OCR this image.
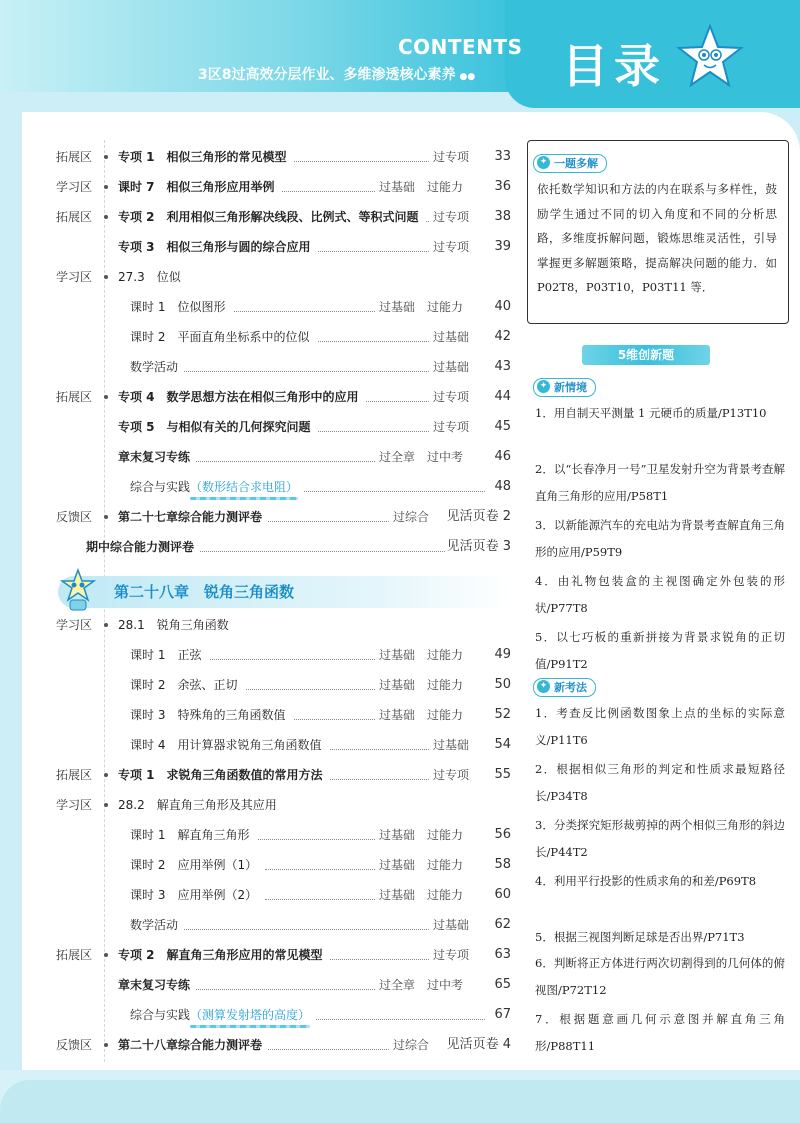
CONTENTS
3区8过高效分层作业、多维渗透核心素养 ●● 目录
拓展区	专项 1　相似三角形的常见模型	过专项 33
学习区	课时 7　相似三角形应用举例	过基础 过能力 36
拓展区	专项 2　利用相似三角形解决线段、比例式、等积式问题	过专项 38
专项 3　相似三角形与圆的综合应用	过专项 39
学习区	27.3　位似
课时 1　位似图形	过基础 过能力 40
课时 2　平面直角坐标系中的位似	过基础 42
数学活动	过基础 43
拓展区	专项 4　数学思想方法在相似三角形中的应用	过专项 44
专项 5　与相似有关的几何探究问题	过专项 45
章末复习专练	过全章 过中考 46
综合与实践（数形结合求电阻）	48
反馈区	第二十七章综合能力测评卷	过综合 见活页卷 2
期中综合能力测评卷	见活页卷 3
学习区	28.1　锐角三角函数
课时 1　正弦	过基础 过能力 49
课时 2　余弦、正切	过基础 过能力 50
课时 3　特殊角的三角函数值	过基础 过能力 52
课时 4　用计算器求锐角三角函数值	过基础 54
拓展区	专项 1　求锐角三角函数值的常用方法	过专项 55
学习区	28.2　解直角三角形及其应用
课时 1　解直角三角形	过基础 过能力 56
课时 2　应用举例（1）	过基础 过能力 58
课时 3　应用举例（2）	过基础 过能力 60
数学活动	过基础 62
拓展区	专项 2　解直角三角形应用的常见模型	过专项 63
章末复习专练	过全章 过中考 65
综合与实践（测算发射塔的高度）	67
反馈区	第二十八章综合能力测评卷	过综合 见活页卷 4
第二十八章　锐角三角函数
✦ 一题多解
依托数学知识和方法的内在联系与多样性，鼓励学生通过不同的切入角度和不同的分析思路，多维度拆解问题，锻炼思维灵活性，引导掌握更多解题策略，提高解决问题的能力．如 P02T8，P03T10，P03T11 等．
5维创新题
✦ 新情境
1．用自制天平测量 1 元硬币的质量/P13T10
2．以“长春净月一号”卫星发射升空为背景考查解直角三角形的应用/P58T1
3．以新能源汽车的充电站为背景考查解直角三角形的应用/P59T9
4．由礼物包装盒的主视图确定外包装的形状/P77T8
5．以七巧板的重新拼接为背景求锐角的正切值/P91T2
✦ 新考法
1．考查反比例函数图象上点的坐标的实际意义/P11T6
2．根据相似三角形的判定和性质求最短路径长/P34T8
3．分类探究矩形裁剪掉的两个相似三角形的斜边长/P44T2
4．利用平行投影的性质求角的和差/P69T8
5．根据三视图判断足球是否出界/P71T3
6．判断将正方体进行两次切割得到的几何体的俯视图/P72T12
7．根据题意画几何示意图并解直角三角形/P88T11
